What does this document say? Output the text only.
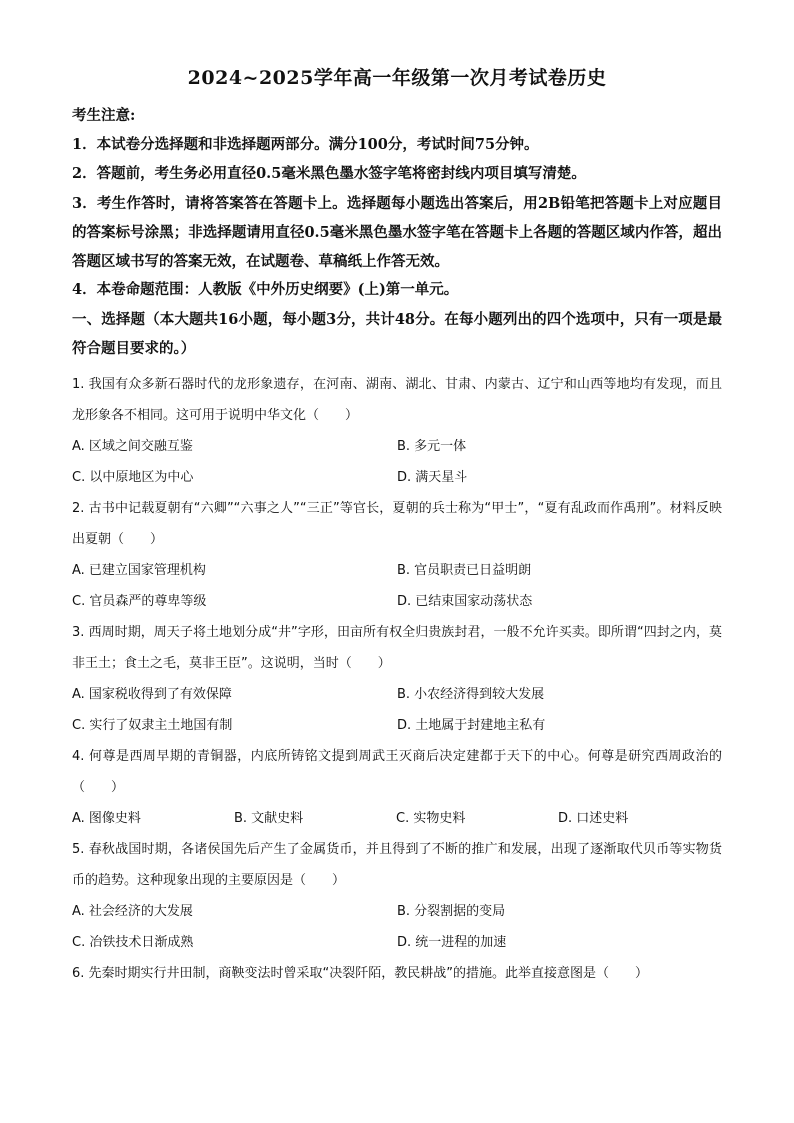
2024~2025学年高一年级第一次月考试卷历史
考生注意:
1．本试卷分选择题和非选择题两部分。满分100分，考试时间75分钟。
2．答题前，考生务必用直径0.5毫米黑色墨水签字笔将密封线内项目填写清楚。
3．考生作答时，请将答案答在答题卡上。选择题每小题选出答案后，用2B铅笔把答题卡上对应题目的答案标号涂黑；非选择题请用直径0.5毫米黑色墨水签字笔在答题卡上各题的答题区域内作答，超出答题区域书写的答案无效，在试题卷、草稿纸上作答无效。
4．本卷命题范围：人教版《中外历史纲要》(上)第一单元。
一、选择题（本大题共16小题，每小题3分，共计48分。在每小题列出的四个选项中，只有一项是最符合题目要求的。）
1. 我国有众多新石器时代的龙形象遗存，在河南、湖南、湖北、甘肃、内蒙古、辽宁和山西等地均有发现，而且龙形象各不相同。这可用于说明中华文化（　　）
A. 区域之间交融互鉴	B. 多元一体
C. 以中原地区为中心	D. 满天星斗
2. 古书中记载夏朝有“六卿”“六事之人”“三正”等官长，夏朝的兵士称为“甲士”，“夏有乱政而作禹刑”。材料反映出夏朝（　　）
A. 已建立国家管理机构	B. 官员职责已日益明朗
C. 官员森严的尊卑等级	D. 已结束国家动荡状态
3. 西周时期，周天子将土地划分成“井”字形，田亩所有权全归贵族封君，一般不允许买卖。即所谓“四封之内，莫非王土；食土之毛，莫非王臣”。这说明，当时（　　）
A. 国家税收得到了有效保障	B. 小农经济得到较大发展
C. 实行了奴隶主土地国有制	D. 土地属于封建地主私有
4. 何尊是西周早期的青铜器，内底所铸铭文提到周武王灭商后决定建都于天下的中心。何尊是研究西周政治的（　　）
A. 图像史料	B. 文献史料	C. 实物史料	D. 口述史料
5. 春秋战国时期，各诸侯国先后产生了金属货币，并且得到了不断的推广和发展，出现了逐渐取代贝币等实物货币的趋势。这种现象出现的主要原因是（　　）
A. 社会经济的大发展	B. 分裂割据的变局
C. 冶铁技术日渐成熟	D. 统一进程的加速
6. 先秦时期实行井田制，商鞅变法时曾采取“决裂阡陌，教民耕战”的措施。此举直接意图是（　　）
